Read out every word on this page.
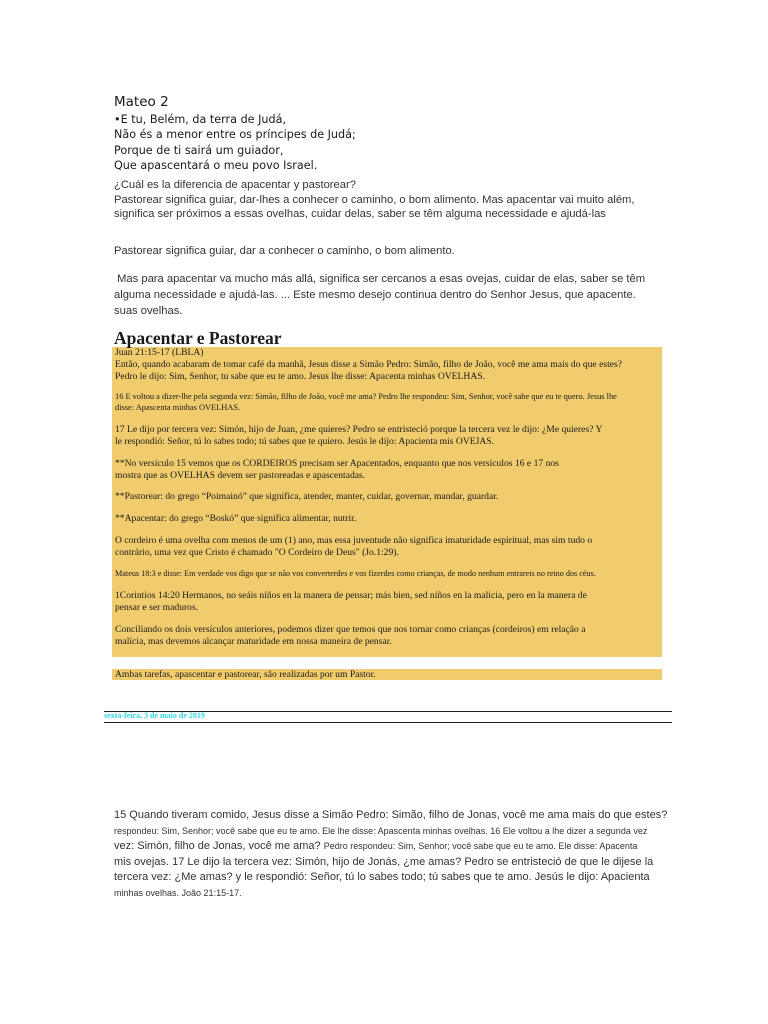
Mateo 2
•E tu, Belém, da terra de Judá,
Não és a menor entre os príncipes de Judá;
Porque de ti sairá um guiador,
Que apascentará o meu povo Israel.
¿Cuál es la diferencia de apacentar y pastorear?
Pastorear significa guiar, dar-lhes a conhecer o caminho, o bom alimento. Mas apacentar vai muito além,
significa ser próximos a essas ovelhas, cuidar delas, saber se têm alguma necessidade e ajudá-las
Pastorear significa guiar, dar a conhecer o caminho, o bom alimento.
Mas para apacentar va mucho más allá, significa ser cercanos a esas ovejas, cuidar de elas, saber se têm
alguma necessidade e ajudá-las. ... Este mesmo desejo continua dentro do Senhor Jesus, que apacente.
suas ovelhas.
Apacentar e Pastorear
Juan 21:15-17 (LBLA)
Então, quando acabaram de tomar café da manhã, Jesus disse a Simão Pedro: Simão, filho de João, você me ama mais do que estes?
Pedro le dijo: Sim, Senhor, tu sabe que eu te amo. Jesus lhe disse: Apacenta minhas OVELHAS.
16 E voltou a dizer-lhe pela segunda vez: Simão, filho de João, você me ama? Pedro lhe respondeu: Sim, Senhor, você sabe que eu te quero. Jesus lhe
disse: Apascenta minhas OVELHAS.
17 Le dijo por tercera vez: Simón, hijo de Juan, ¿me quieres? Pedro se entristeció porque la tercera vez le dijo: ¿Me quieres? Y
le respondió: Señor, tú lo sabes todo; tú sabes que te quiero. Jesús le dijo: Apacienta mis OVEJAS.
**No versículo 15 vemos que os CORDEIROS precisam ser Apacentados, enquanto que nos versículos 16 e 17 nos
mostra que as OVELHAS devem ser pastoreadas e apascentadas.
**Pastorear: do grego “Poimainó” que significa, atender, manter, cuidar, governar, mandar, guardar.
**Apacentar: do grego “Boskó” que significa alimentar, nutrir.
O cordeiro é uma ovelha com menos de um (1) ano, mas essa juventude não significa imaturidade espiritual, mas sim tudo o
contrário, uma vez que Cristo é chamado "O Cordeiro de Deus" (Jo.1:29).
Mateus 18:3 e disse: Em verdade vos digo que se não vos converterdes e vos fizerdes como crianças, de modo nenhum entrareis no reino dos céus.
1Corintios 14:20 Hermanos, no seáis niños en la manera de pensar; más bien, sed niños en la malicia, pero en la manera de
pensar e ser maduros.
Conciliando os dois versículos anteriores, podemos dizer que temos que nos tornar como crianças (cordeiros) em relação a
malícia, mas devemos alcançar maturidade em nossa maneira de pensar.
Ambas tarefas, apascentar e pastorear, são realizadas por um Pastor.
sexta-feira, 3 de maio de 2019
15 Quando tiveram comido, Jesus disse a Simão Pedro: Simão, filho de Jonas, você me ama mais do que estes?
respondeu: Sim, Senhor; você sabe que eu te amo. Ele lhe disse: Apascenta minhas ovelhas. 16 Ele voltou a lhe dizer a segunda vez
vez: Simón, filho de Jonas, você me ama? Pedro respondeu: Sim, Senhor; você sabe que eu te amo. Ele disse: Apacenta
mis ovejas. 17 Le dijo la tercera vez: Simón, hijo de Jonás, ¿me amas? Pedro se entristeció de que le dijese la
tercera vez: ¿Me amas? y le respondió: Señor, tú lo sabes todo; tú sabes que te amo. Jesús le dijo: Apacienta
minhas ovelhas. João 21:15-17.
